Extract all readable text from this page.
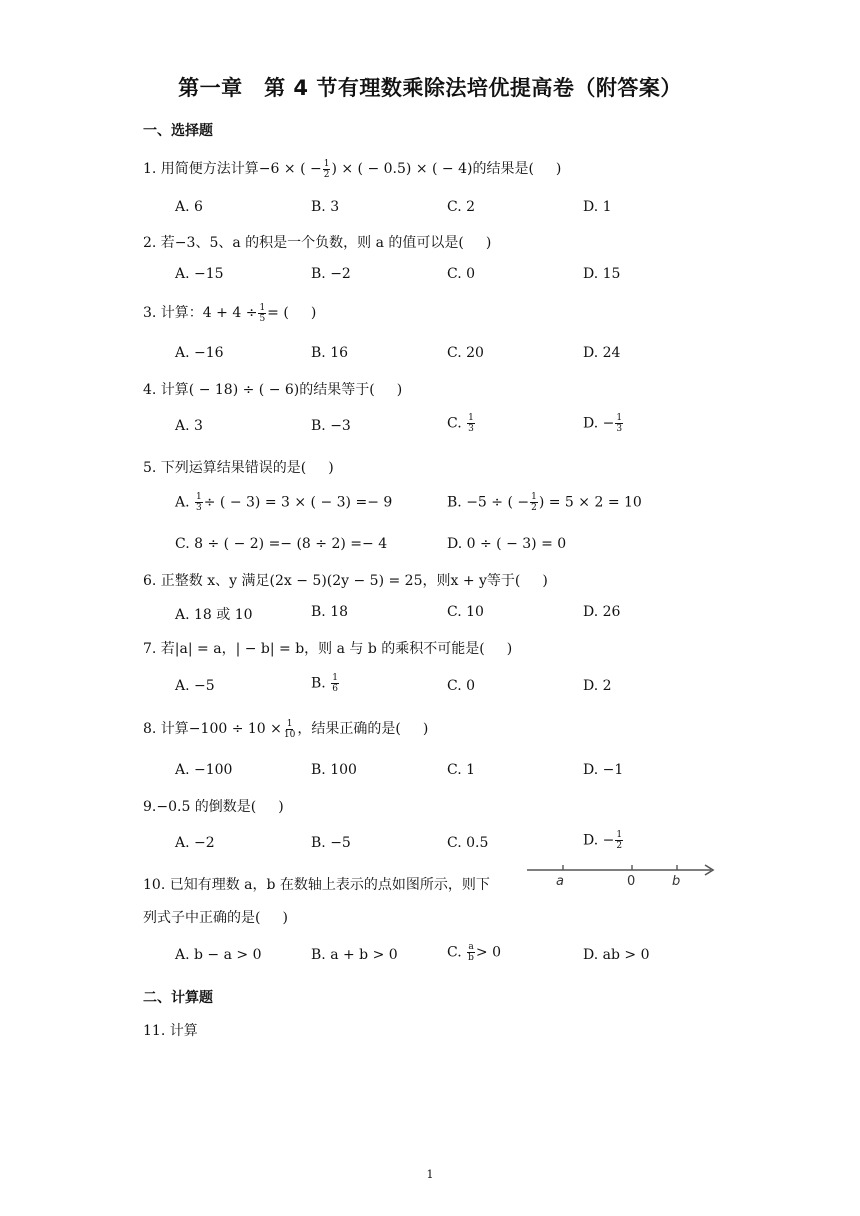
第一章　第 4 节有理数乘除法培优提高卷（附答案）
一、选择题
1. 用简便方法计算−6 × ( − $\frac{1}{2}$ ) × ( − 0.5) × ( − 4)的结果是( )
A. 6	B. 3	C. 2	D. 1
2. 若−3、5、a 的积是一个负数，则 a 的值可以是( )
A. −15	B. −2	C. 0	D. 15
3. 计算：$4 + 4 \div \frac{1}{5}$ = ( )
A. −16	B. 16	C. 20	D. 24
4. 计算( − 18) ÷ ( − 6)的结果等于( )
A. 3	B. −3	C. $\frac{1}{3}$	D. − $\frac{1}{3}$
5. 下列运算结果错误的是( )
A. $\frac{1}{3}$ ÷ ( − 3) = 3 × ( − 3) =− 9	B. −5 ÷ ( − $\frac{1}{2}$ ) = 5 × 2 = 10
C. 8 ÷ ( − 2) =− (8 ÷ 2) =− 4	D. 0 ÷ ( − 3) = 0
6. 正整数 x、y 满足(2x − 5)(2y − 5) = 25，则x + y等于( )
A. 18 或 10	B. 18	C. 10	D. 26
7. 若|a| = a，| − b| = b，则 a 与 b 的乘积不可能是( )
A. −5	B. $\frac{1}{6}$	C. 0	D. 2
8. 计算$-100 \div 10 \times \frac{1}{10}$ ，结果正确的是( )
A. −100	B. 100	C. 1	D. −1
9.−0.5 的倒数是( )
A. −2	B. −5	C. 0.5	D. − $\frac{1}{2}$
10. 已知有理数 a，b 在数轴上表示的点如图所示，则下
列式子中正确的是( )
a	0	b
A. b − a > 0	B. a + b > 0	C. $\frac{a}{b} > 0$	D. ab > 0
二、计算题
11. 计算
1
